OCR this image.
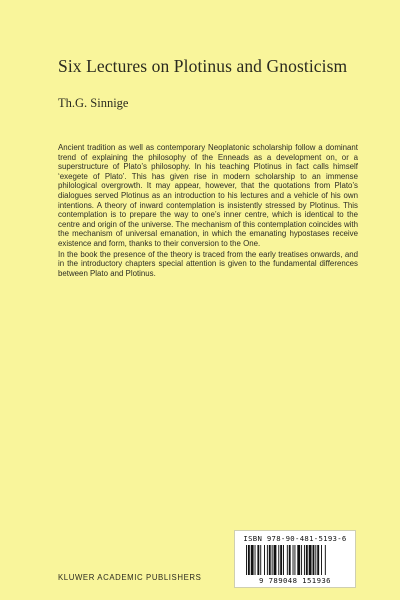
Six Lectures on Plotinus and Gnosticism
Th.G. Sinnige

Ancient tradition as well as contemporary Neoplatonic scholarship follow a dominant trend of explaining the philosophy of the Enneads as a development on, or a superstructure of Plato’s philosophy. In his teaching Plotinus in fact calls himself ‘exegete of Plato’. This has given rise in modern scholarship to an immense philological overgrowth. It may appear, however, that the quotations from Plato’s dialogues served Plotinus as an introduction to his lectures and a vehicle of his own intentions. A theory of inward contemplation is insistently stressed by Plotinus. This contemplation is to prepare the way to one’s inner centre, which is identical to the centre and origin of the universe. The mechanism of this contemplation coincides with the mechanism of universal emanation, in which the emanating hypostases receive existence and form, thanks to their conversion to the One.

In the book the presence of the theory is traced from the early treatises onwards, and in the introductory chapters special attention is given to the fundamental differences between Plato and Plotinus.

ISBN 978-90-481-5193-6
9 789048 151936
KLUWER ACADEMIC PUBLISHERS
